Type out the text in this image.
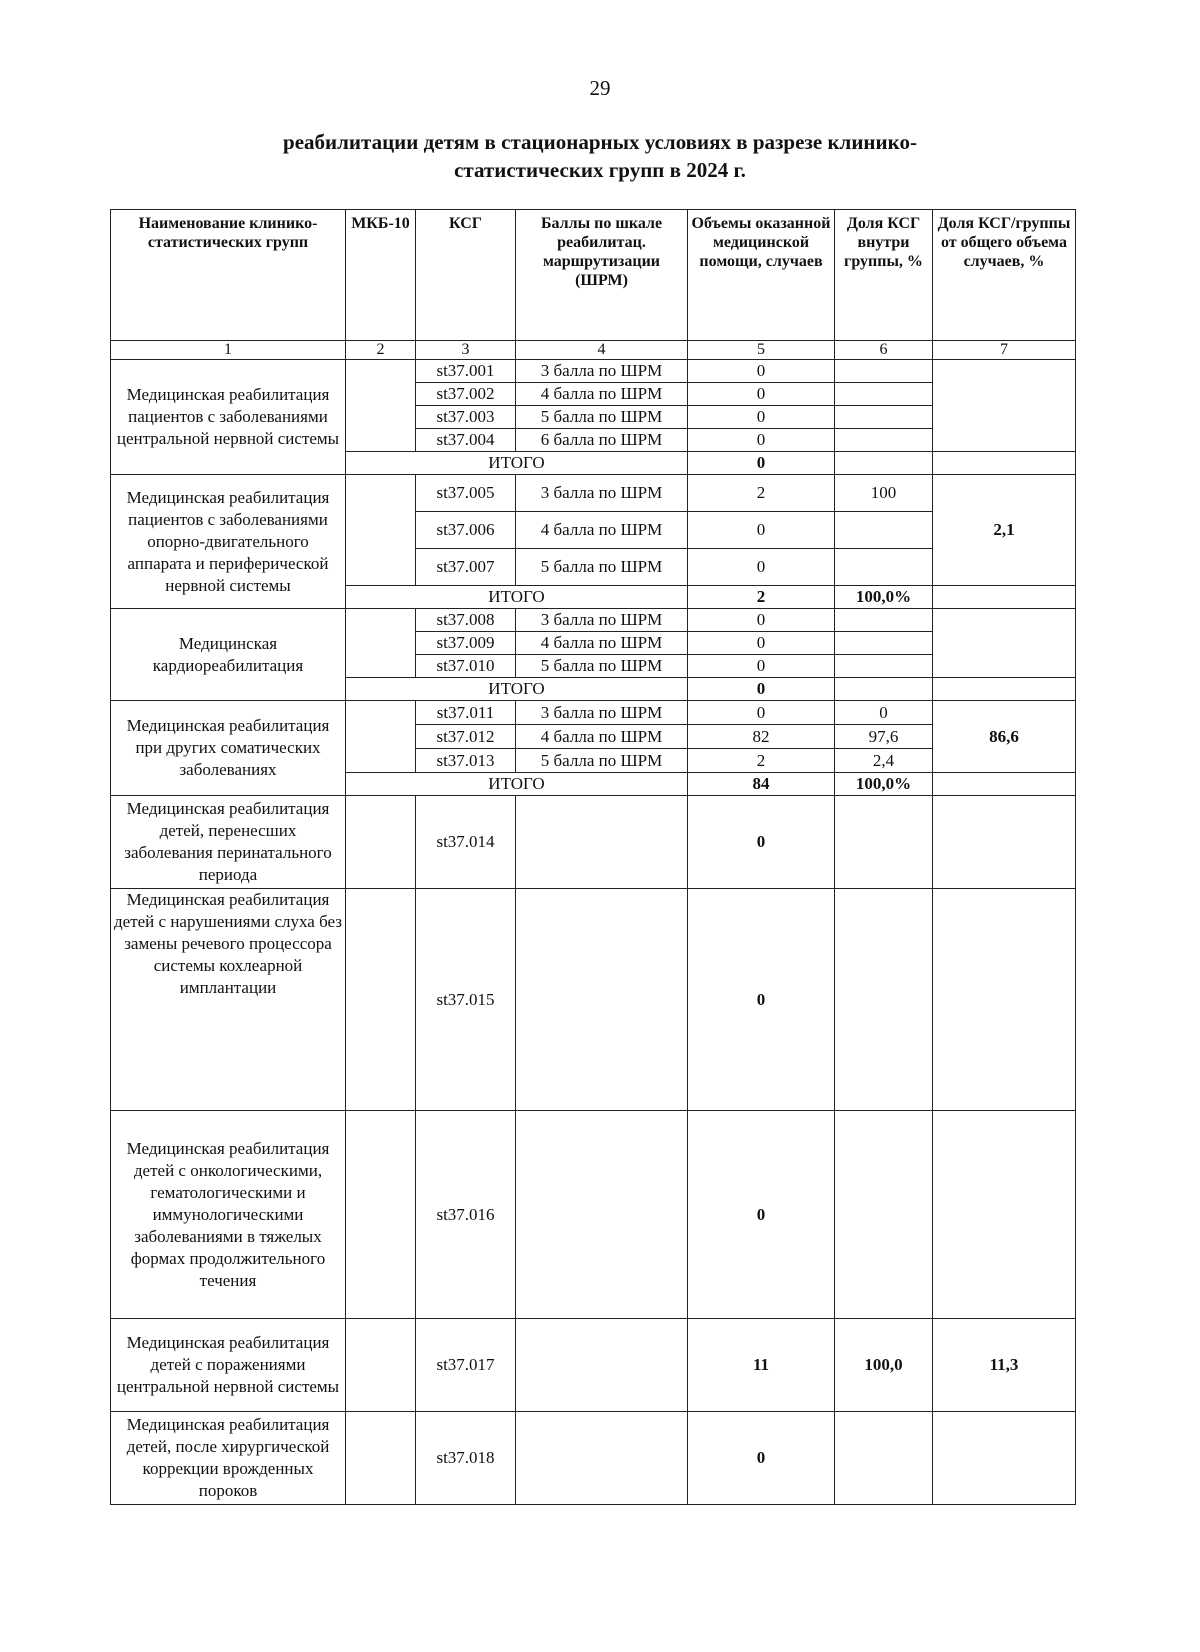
29
реабилитации детям в стационарных условиях в разрезе клинико-
статистических групп в 2024 г.
Наименование клинико-статистических групп	МКБ-10	КСГ	Баллы по шкале реабилитац. маршрутизации (ШРМ)	Объемы оказанной медицинской помощи, случаев	Доля КСГ внутри группы, %	Доля КСГ/группы от общего объема случаев, %
1	2	3	4	5	6	7
Медицинская реабилитация пациентов с заболеваниями центральной нервной системы		st37.001	3 балла по ШРМ	0		
		st37.002	4 балла по ШРМ	0		
		st37.003	5 балла по ШРМ	0		
		st37.004	6 балла по ШРМ	0		
	ИТОГО			0		
Медицинская реабилитация пациентов с заболеваниями опорно-двигательного аппарата и периферической нервной системы		st37.005	3 балла по ШРМ	2	100	2,1
		st37.006	4 балла по ШРМ	0		
		st37.007	5 балла по ШРМ	0		
	ИТОГО			2	100,0%	
Медицинская кардиореабилитация		st37.008	3 балла по ШРМ	0		
		st37.009	4 балла по ШРМ	0		
		st37.010	5 балла по ШРМ	0		
	ИТОГО			0		
Медицинская реабилитация при других соматических заболеваниях		st37.011	3 балла по ШРМ	0	0	86,6
		st37.012	4 балла по ШРМ	82	97,6	
		st37.013	5 балла по ШРМ	2	2,4	
	ИТОГО			84	100,0%	
Медицинская реабилитация детей, перенесших заболевания перинатального периода		st37.014		0		
Медицинская реабилитация детей с нарушениями слуха без замены речевого процессора системы кохлеарной имплантации		st37.015		0		
Медицинская реабилитация детей с онкологическими, гематологическими и иммунологическими заболеваниями в тяжелых формах продолжительного течения		st37.016		0		
Медицинская реабилитация детей с поражениями центральной нервной системы		st37.017		11	100,0	11,3
Медицинская реабилитация детей, после хирургической коррекции врожденных пороков		st37.018		0		
